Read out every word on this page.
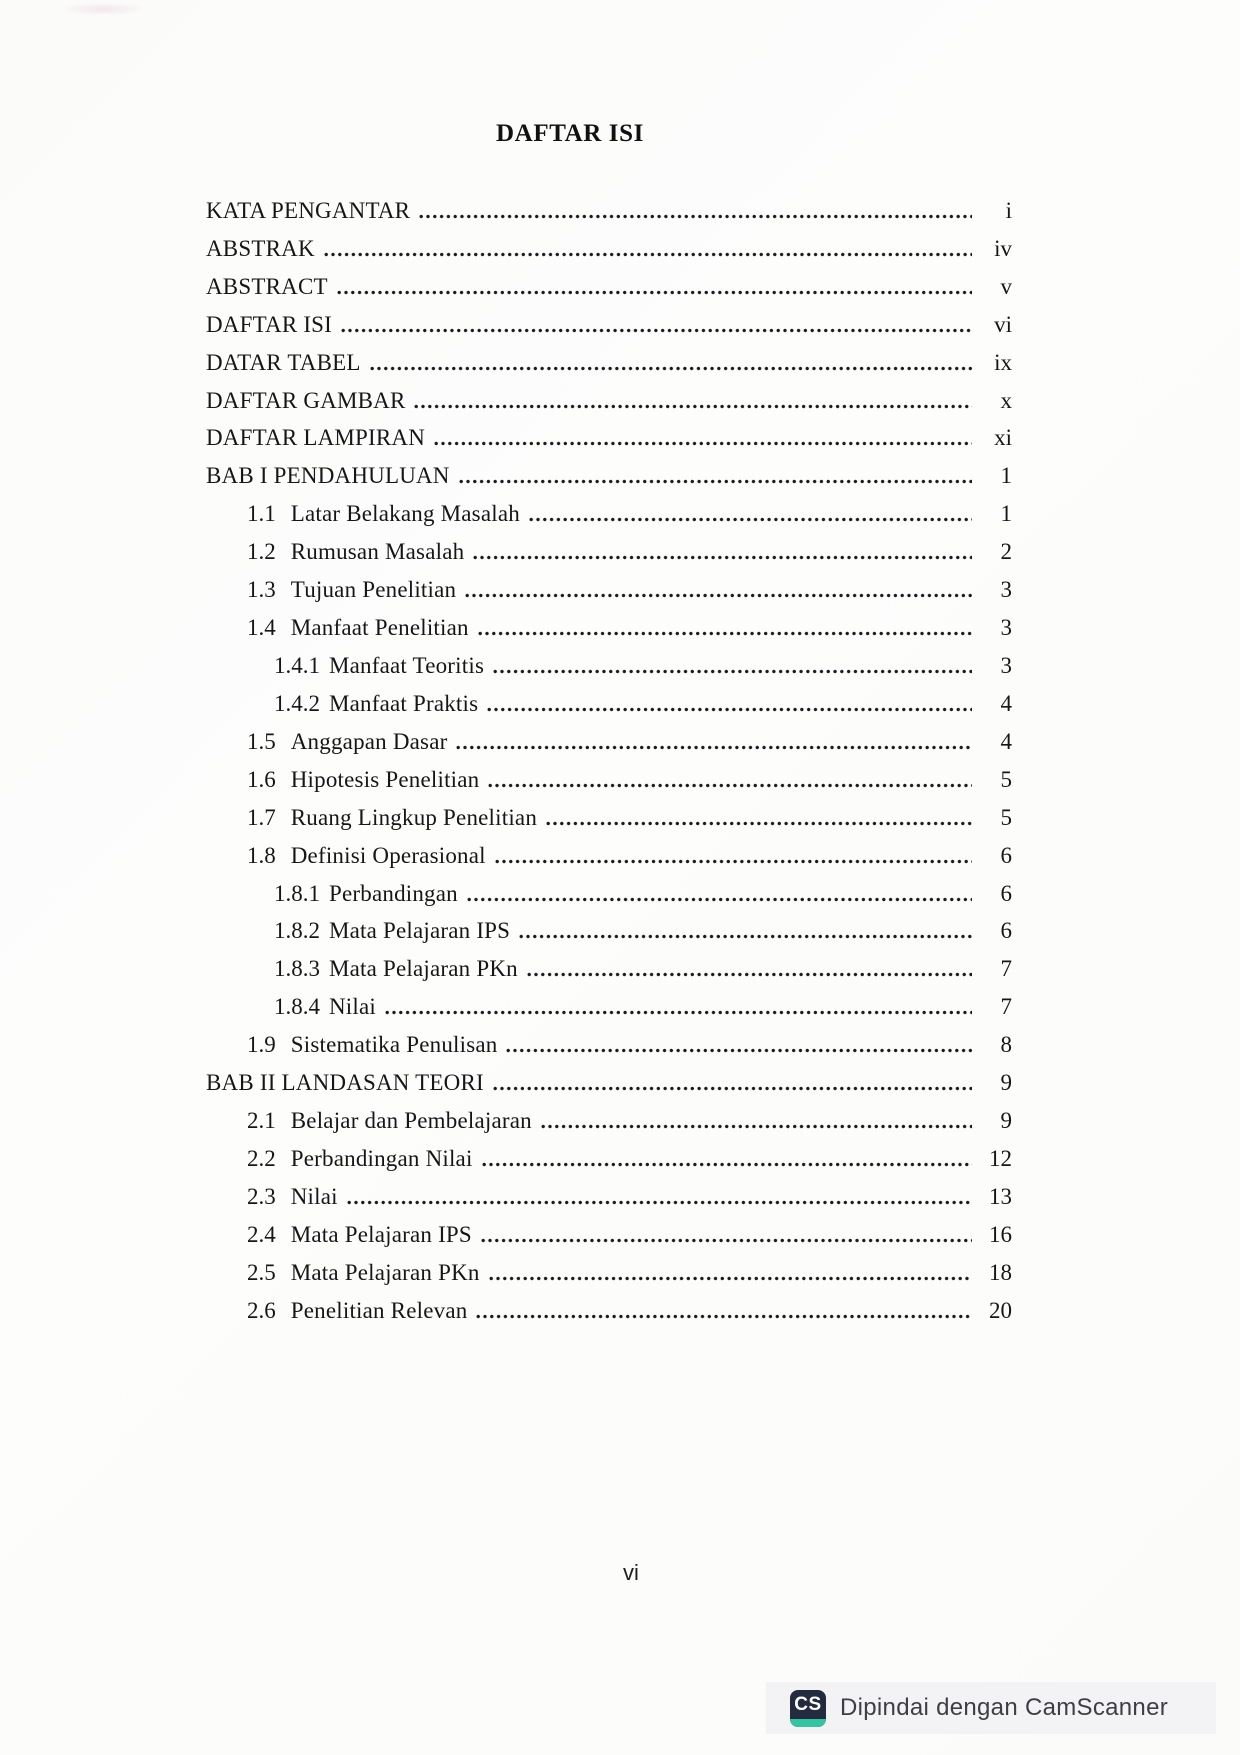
DAFTAR ISI
KATA PENGANTAR	i
ABSTRAK	iv
ABSTRACT	v
DAFTAR ISI	vi
DATAR TABEL	ix
DAFTAR GAMBAR	x
DAFTAR LAMPIRAN	xi
BAB I PENDAHULUAN	1
1.1 Latar Belakang Masalah	1
1.2 Rumusan Masalah	2
1.3 Tujuan Penelitian	3
1.4 Manfaat Penelitian	3
1.4.1 Manfaat Teoritis	3
1.4.2 Manfaat Praktis	4
1.5 Anggapan Dasar	4
1.6 Hipotesis Penelitian	5
1.7 Ruang Lingkup Penelitian	5
1.8 Definisi Operasional	6
1.8.1 Perbandingan	6
1.8.2 Mata Pelajaran IPS	6
1.8.3 Mata Pelajaran PKn	7
1.8.4 Nilai	7
1.9 Sistematika Penulisan	8
BAB II LANDASAN TEORI	9
2.1 Belajar dan Pembelajaran	9
2.2 Perbandingan Nilai	12
2.3 Nilai	13
2.4 Mata Pelajaran IPS	16
2.5 Mata Pelajaran PKn	18
2.6 Penelitian Relevan	20
vi
CS Dipindai dengan CamScanner
